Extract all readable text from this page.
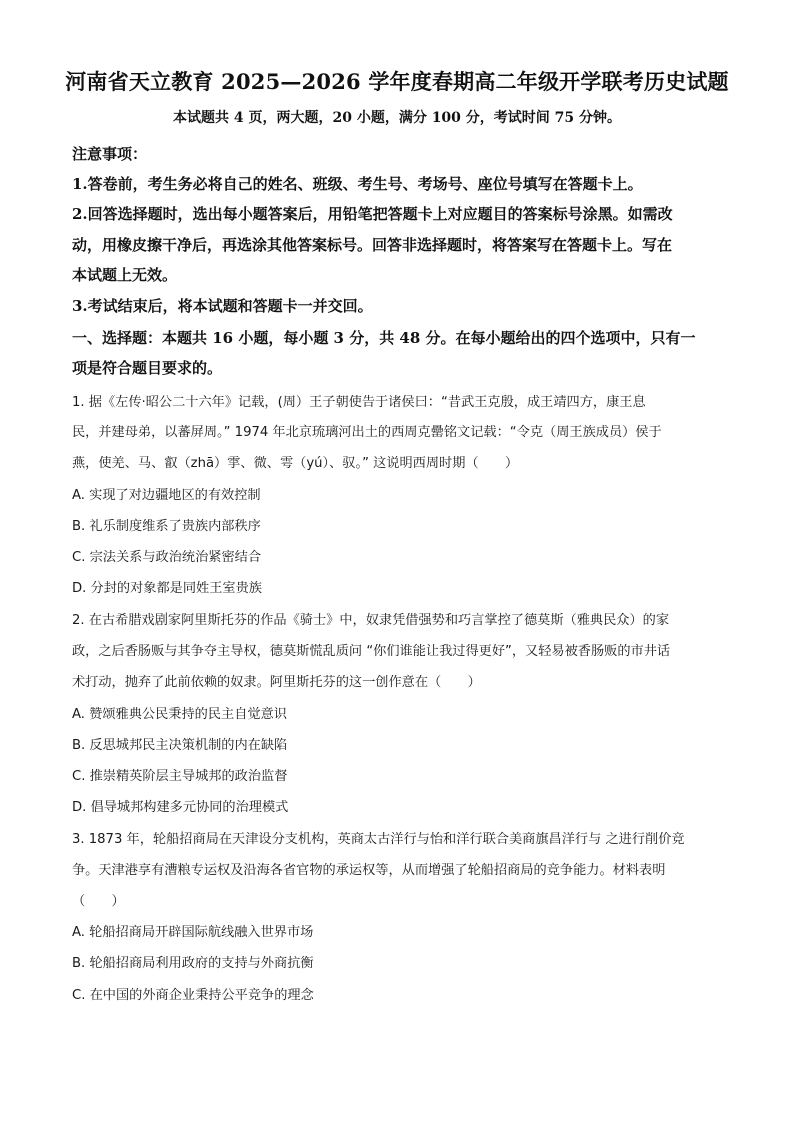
河南省天立教育 2025—2026 学年度春期高二年级开学联考历史试题
本试题共 4 页，两大题，20 小题，满分 100 分，考试时间 75 分钟。
注意事项：
1.答卷前，考生务必将自己的姓名、班级、考生号、考场号、座位号填写在答题卡上。
2.回答选择题时，选出每小题答案后，用铅笔把答题卡上对应题目的答案标号涂黑。如需改
动，用橡皮擦干净后，再选涂其他答案标号。回答非选择题时，将答案写在答题卡上。写在
本试题上无效。
3.考试结束后，将本试题和答题卡一并交回。
一、选择题：本题共 16 小题，每小题 3 分，共 48 分。在每小题给出的四个选项中，只有一
项是符合题目要求的。
1. 据《左传·昭公二十六年》记载，(周）王子朝使告于诸侯曰：“昔武王克殷，成王靖四方，康王息
民，并建母弟，以蕃屏周。” 1974 年北京琉璃河出土的西周克罍铭文记载：“令克（周王族成员）侯于
燕，使羌、马、叡（zhā）𩁹、微、雩（yú）、驭。” 这说明西周时期（　　）
A. 实现了对边疆地区的有效控制
B. 礼乐制度维系了贵族内部秩序
C. 宗法关系与政治统治紧密结合
D. 分封的对象都是同姓王室贵族
2. 在古希腊戏剧家阿里斯托芬的作品《骑士》中，奴隶凭借强势和巧言掌控了德莫斯（雅典民众）的家
政，之后香肠贩与其争夺主导权，德莫斯慌乱质问 “你们谁能让我过得更好”，又轻易被香肠贩的市井话
术打动，抛弃了此前依赖的奴隶。阿里斯托芬的这一创作意在（　　）
A. 赞颂雅典公民秉持的民主自觉意识
B. 反思城邦民主决策机制的内在缺陷
C. 推崇精英阶层主导城邦的政治监督
D. 倡导城邦构建多元协同的治理模式
3. 1873 年，轮船招商局在天津设分支机构，英商太古洋行与怡和洋行联合美商旗昌洋行与 之进行削价竞
争。天津港享有漕粮专运权及沿海各省官物的承运权等，从而增强了轮船招商局的竞争能力。材料表明
（　　）
A. 轮船招商局开辟国际航线融入世界市场
B. 轮船招商局利用政府的支持与外商抗衡
C. 在中国的外商企业秉持公平竞争的理念
